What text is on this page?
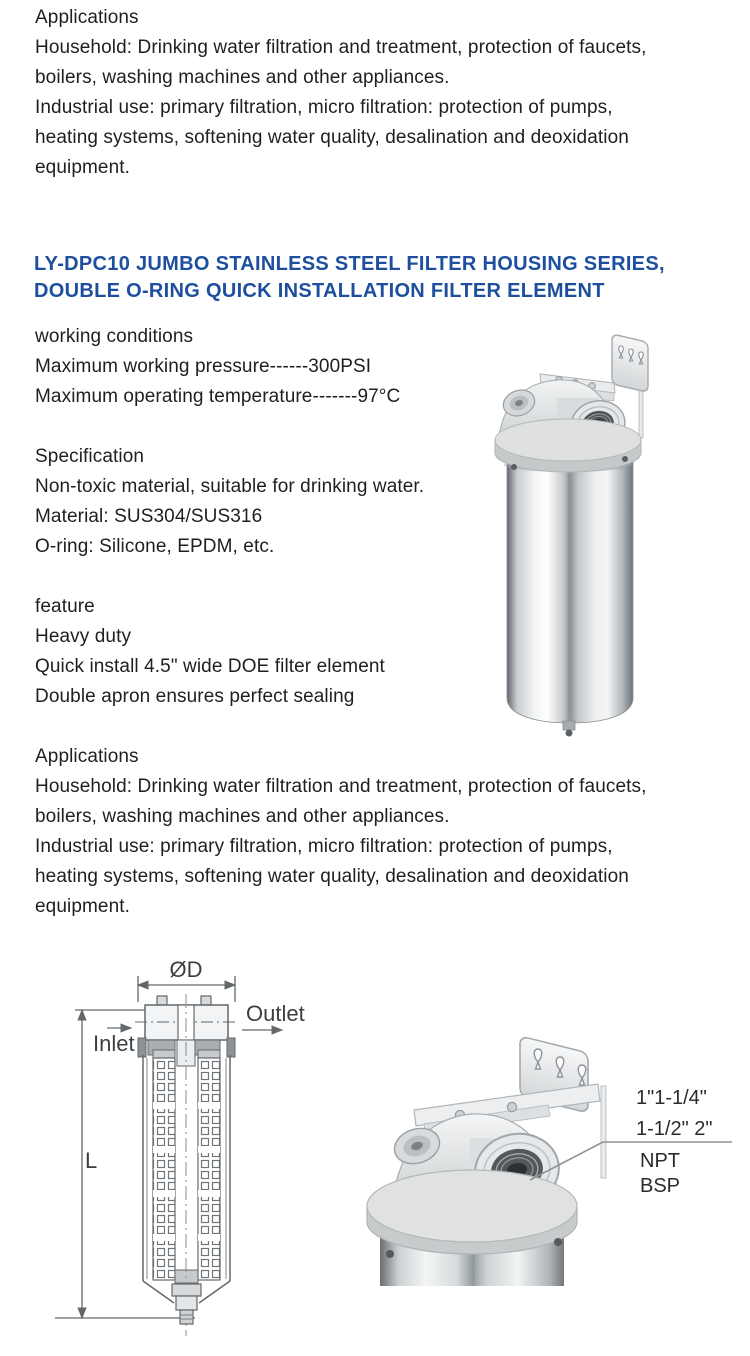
Applications
Household: Drinking water filtration and treatment, protection of faucets,
boilers, washing machines and other appliances.
Industrial use: primary filtration, micro filtration: protection of pumps,
heating systems, softening water quality, desalination and deoxidation
equipment.
LY-DPC10 JUMBO STAINLESS STEEL FILTER HOUSING SERIES,
DOUBLE O-RING QUICK INSTALLATION FILTER ELEMENT
working conditions
Maximum working pressure------300PSI
Maximum operating temperature-------97°C
Specification
Non-toxic material, suitable for drinking water.
Material: SUS304/SUS316
O-ring: Silicone, EPDM, etc.
feature
Heavy duty
Quick install 4.5" wide DOE filter element
Double apron ensures perfect sealing
Applications
Household: Drinking water filtration and treatment, protection of faucets,
boilers, washing machines and other appliances.
Industrial use: primary filtration, micro filtration: protection of pumps,
heating systems, softening water quality, desalination and deoxidation
equipment.
ØD
Outlet
Inlet
L
1"1-1/4"
1-1/2" 2"
NPT
BSP
